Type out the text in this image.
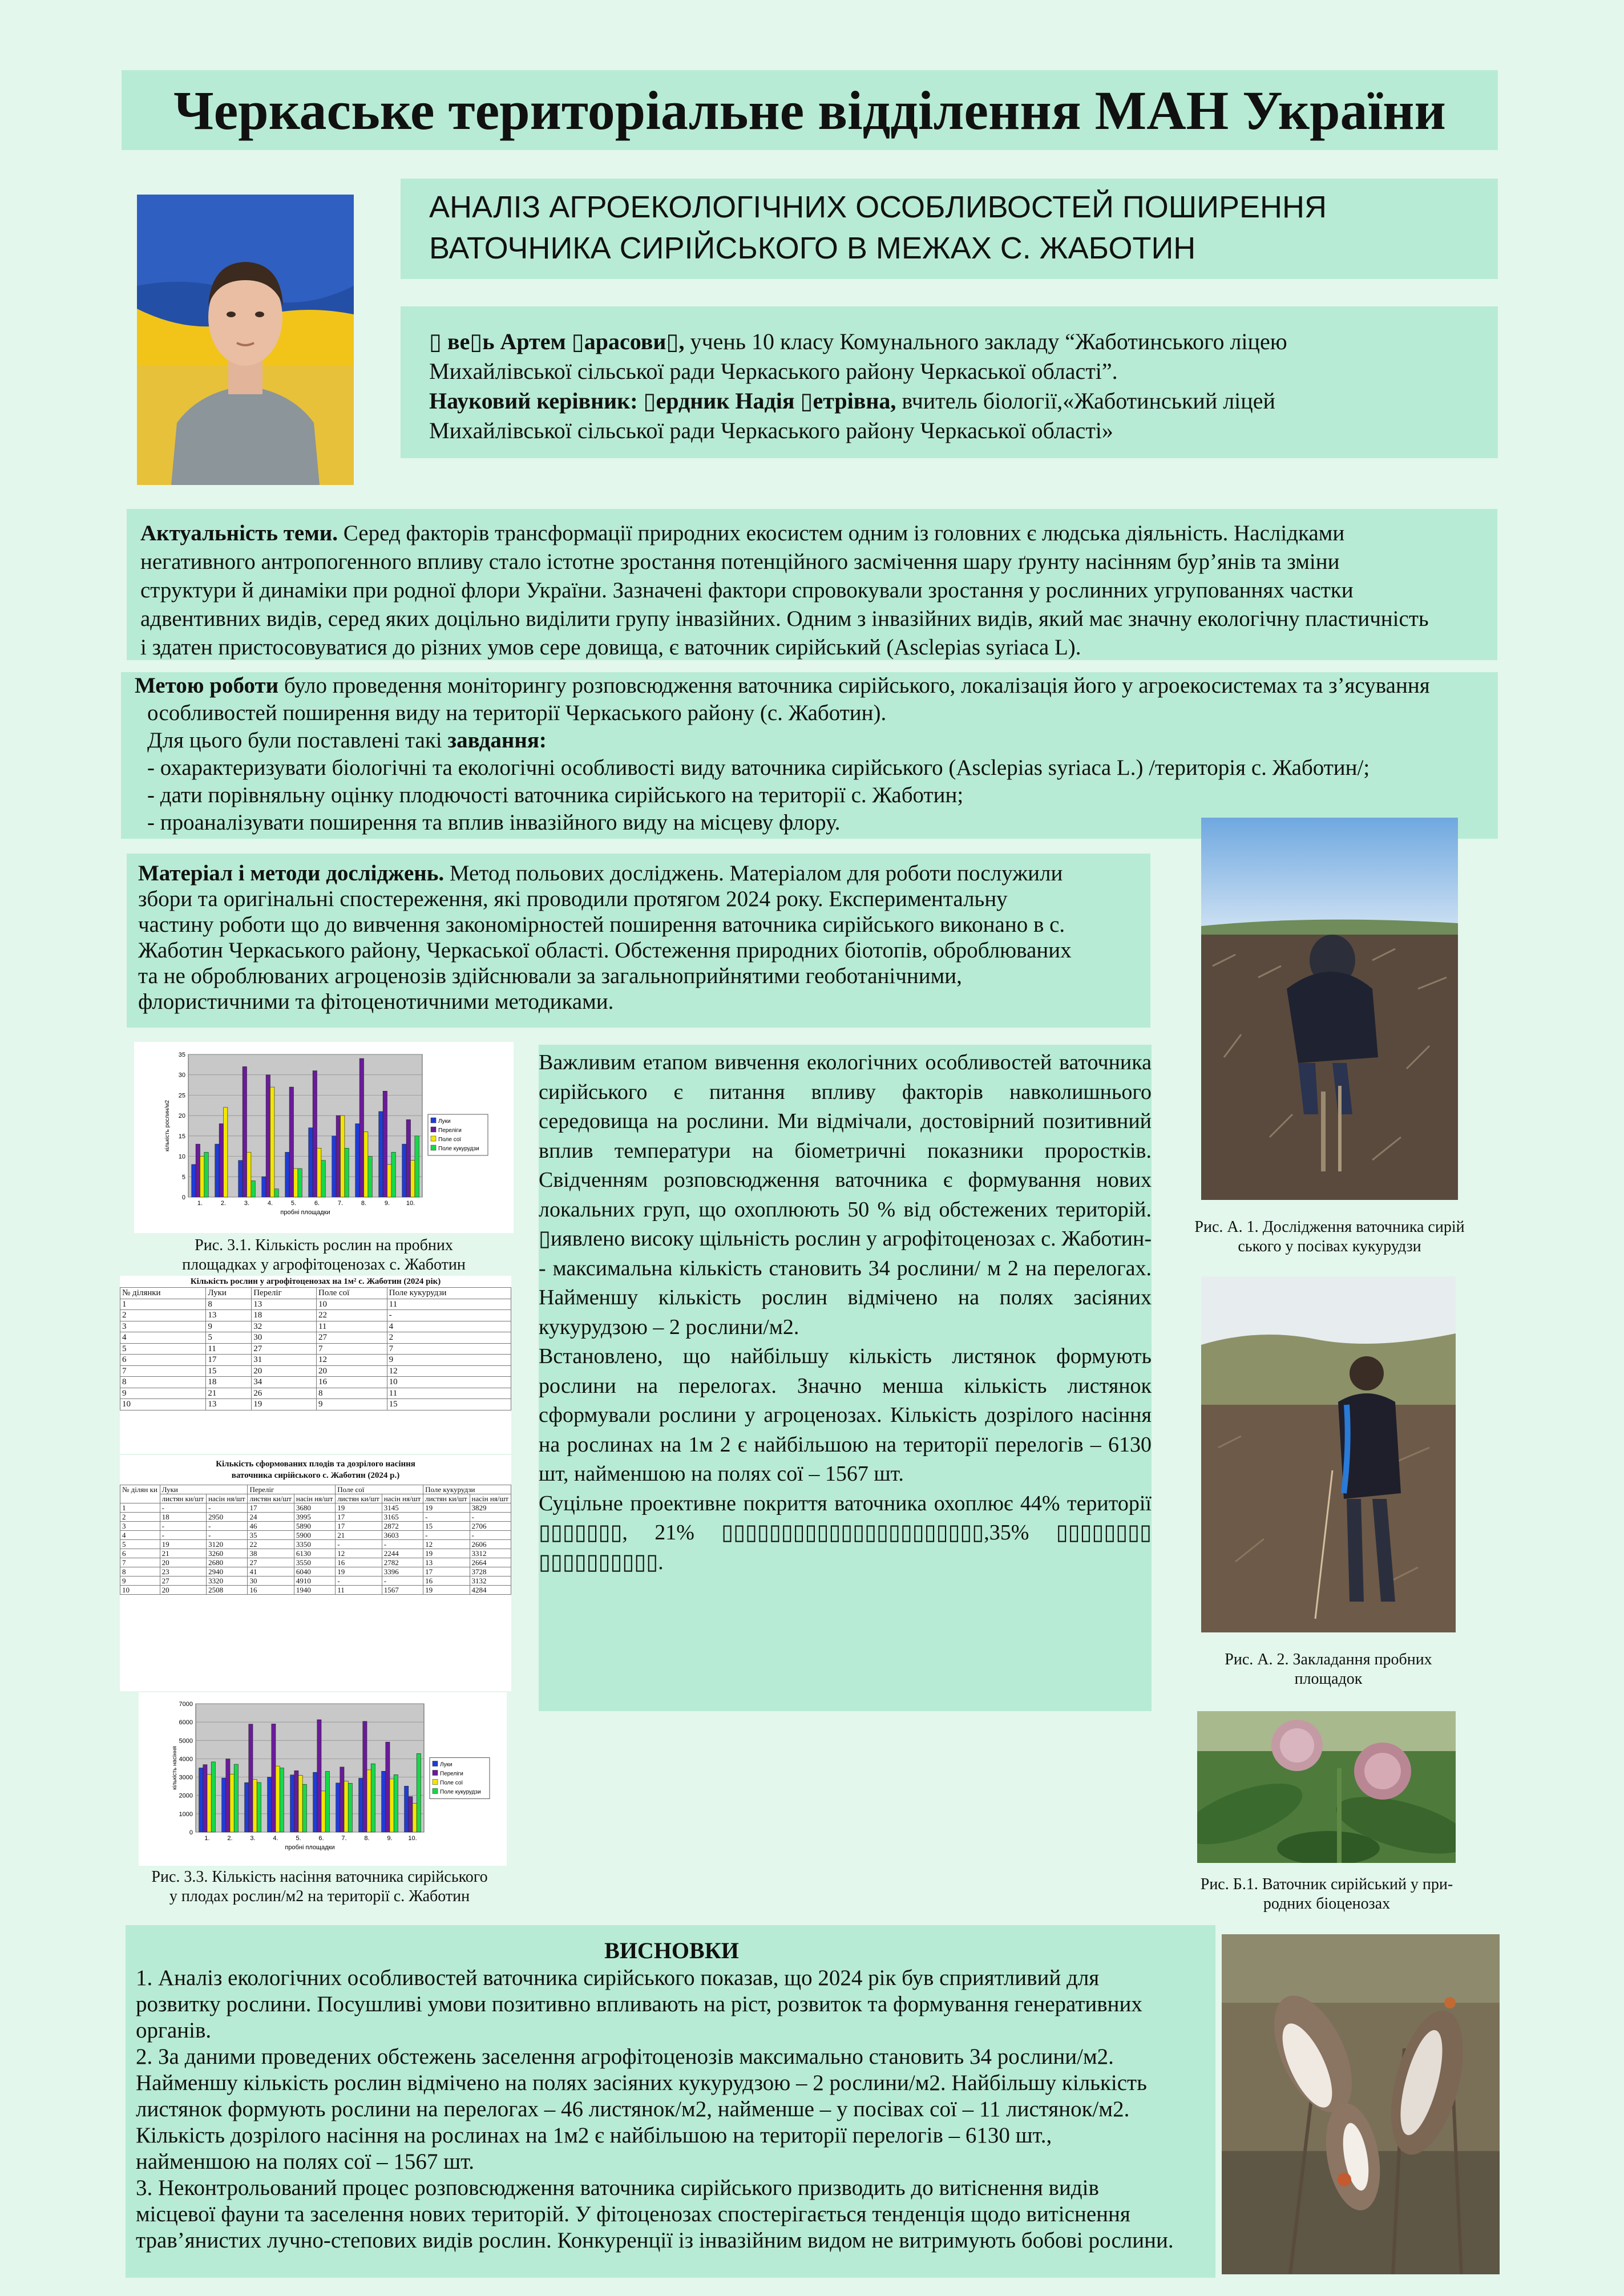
Черкаське територіальне відділення МАН України
АНАЛІЗ АГРОЕКОЛОГІЧНИХ ОСОБЛИВОСТЕЙ ПОШИРЕННЯ
ВАТОЧНИКА СИРІЙСЬКОГО В МЕЖАХ С. ЖАБОТИН
▯ ве▯ь Артем ▯арасови▯, учень 10 класу Комунального закладу “Жаботинського ліцею
Михайлівської сільської ради Черкаського району Черкаської області”.
Науковий керівник: ▯ердник Надія ▯етрівна, вчитель біології,«Жаботинський ліцей
Михайлівської сільської ради Черкаського району Черкаської області»
Актуальність теми. Серед факторів трансформації природних екосистем одним із головних є людська діяльність. Наслідками
негативного антропогенного впливу стало істотне зростання потенційного засмічення шару ґрунту насінням бур’янів та зміни
структури й динаміки при родної флори України. Зазначені фактори спровокували зростання у рослинних угрупованнях частки
адвентивних видів, серед яких доцільно виділити групу інвазійних. Одним з інвазійних видів, який має значну екологічну пластичність
і здатен пристосовуватися до різних умов сере довища, є ваточник сирійський (Asclepias syriaca L).
Метою роботи було проведення моніторингу розповсюдження ваточника сирійського, локалізація його у агроекосистемах та з’ясування
особливостей поширення виду на території Черкаського району (с. Жаботин).
Для цього були поставлені такі завдання:
- охарактеризувати біологічні та екологічні особливості виду ваточника сирійського (Asclepias syriaca L.) /територія с. Жаботин/;
- дати порівняльну оцінку плодючості ваточника сирійського на території с. Жаботин;
- проаналізувати поширення та вплив інвазійного виду на місцеву флору.
Матеріал і методи досліджень. Метод польових досліджень. Матеріалом для роботи послужили
збори та оригінальні спостереження, які проводили протягом 2024 року. Експериментальну
частину роботи що до вивчення закономірностей поширення ваточника сирійського виконано в с.
Жаботин Черкаського району, Черкаської області. Обстеження природних біотопів, оброблюваних
та не оброблюваних агроценозів здійснювали за загальноприйнятими геоботанічними,
флористичними та фітоценотичними методиками.

Важливим етапом вивчення екологічних особливостей ваточника сирійського є питання впливу факторів навколишнього середовища на рослини. Ми відмічали, достовірний позитивний вплив температури на біометричні показники проростків. Свідченням розповсюдження ваточника є формування нових локальних груп, що охоплюють 50 % від обстежених територій. ▯иявлено високу щільність рослин у агрофітоценозах с. Жаботин-- максимальна кількість становить 34 рослини/ м 2 на перелогах. Найменшу кількість рослин відмічено на полях засіяних кукурудзою – 2 рослини/м2.

Встановлено, що найбільшу кількість листянок формують рослини на перелогах. Значно менша кількість листянок сформували рослини у агроценозах. Кількість дозрілого насіння на рослинах на 1м 2 є найбільшою на території перелогів – 6130 шт, найменшою на полях сої – 1567 шт.

Суцільне проективне покриття ваточника охоплює 44% території ▯▯▯▯▯▯▯, 21% ▯▯▯▯▯▯▯▯▯▯▯▯▯▯▯▯▯▯▯▯▯▯,35% ▯▯▯▯▯▯▯▯ ▯▯▯▯▯▯▯▯▯▯.

0
5
10
15
20
25
30
35
1.	2.	3.	4.	5.	6.	7.	8.	9.	10.
пробні площадки
кількість рослин/м2	Луки
Переліги
Поле сої
Поле кукурудзи
Рис. 3.1. Кількість рослин на пробних
площадках у агрофітоценозах с. Жаботин
Кількість рослин у агрофітоценозах на 1м² с. Жаботин (2024 рік)
№ ділянки	Луки	Переліг	Поле сої	Поле кукурудзи
1	8	13	10	11
2	13	18	22	-
3	9	32	11	4
4	5	30	27	2
5	11	27	7	7
6	17	31	12	9
7	15	20	20	12
8	18	34	16	10
9	21	26	8	11
10	13	19	9	15
Кількість сформованих плодів та дозрілого насіння
ваточника сирійського с. Жаботин (2024 р.)
№ ділян ки	Луки		Переліг		Поле сої		Поле кукурудзи	
	листян ки/шт	насін ня/шт	листян ки/шт	насін ня/шт	листян ки/шт	насін ня/шт	листян ки/шт	насін ня/шт
1	-	-	17	3680	19	3145	19	3829
2	18	2950	24	3995	17	3165	-	-
3	-	-	46	5890	17	2872	15	2706
4	-	-	35	5900	21	3603	-	-
5	19	3120	22	3350	-	-	12	2606
6	21	3260	38	6130	12	2244	19	3312
7	20	2680	27	3550	16	2782	13	2664
8	23	2940	41	6040	19	3396	17	3728
9	27	3320	30	4910	-	-	16	3132
10	20	2508	16	1940	11	1567	19	4284
0
1000
2000
3000
4000
5000
6000
7000
1.	2.	3.	4.	5.	6.	7.	8.	9.	10.
пробні площадки
кількість насіння	Луки
Переліги
Поле сої
Поле кукурудзи
Рис. 3.3. Кількість насіння ваточника сирійського
у плодах рослин/м2 на території с. Жаботин
Рис. А. 1. Дослідження ваточника сирій
ського у посівах кукурудзи
Рис. А. 2. Закладання пробних
площадок
Рис. Б.1. Ваточник сирійський у при-
родних біоценозах
ВИСНОВКИ
1. Аналіз екологічних особливостей ваточника сирійського показав, що 2024 рік був сприятливий для
розвитку рослини. Посушливі умови позитивно впливають на ріст, розвиток та формування генеративних
органів.
2. За даними проведених обстежень заселення агрофітоценозів максимально становить 34 рослини/м2.
Найменшу кількість рослин відмічено на полях засіяних кукурудзою – 2 рослини/м2. Найбільшу кількість
листянок формують рослини на перелогах – 46 листянок/м2, найменше – у посівах сої – 11 листянок/м2.
Кількість дозрілого насіння на рослинах на 1м2 є найбільшою на території перелогів – 6130 шт.,
найменшою на полях сої – 1567 шт.
3. Неконтрольований процес розповсюдження ваточника сирійського призводить до витіснення видів
місцевої фауни та заселення нових територій. У фітоценозах спостерігається тенденція щодо витіснення
трав’янистих лучно-степових видів рослин. Конкуренції із інвазійним видом не витримують бобові рослини.
